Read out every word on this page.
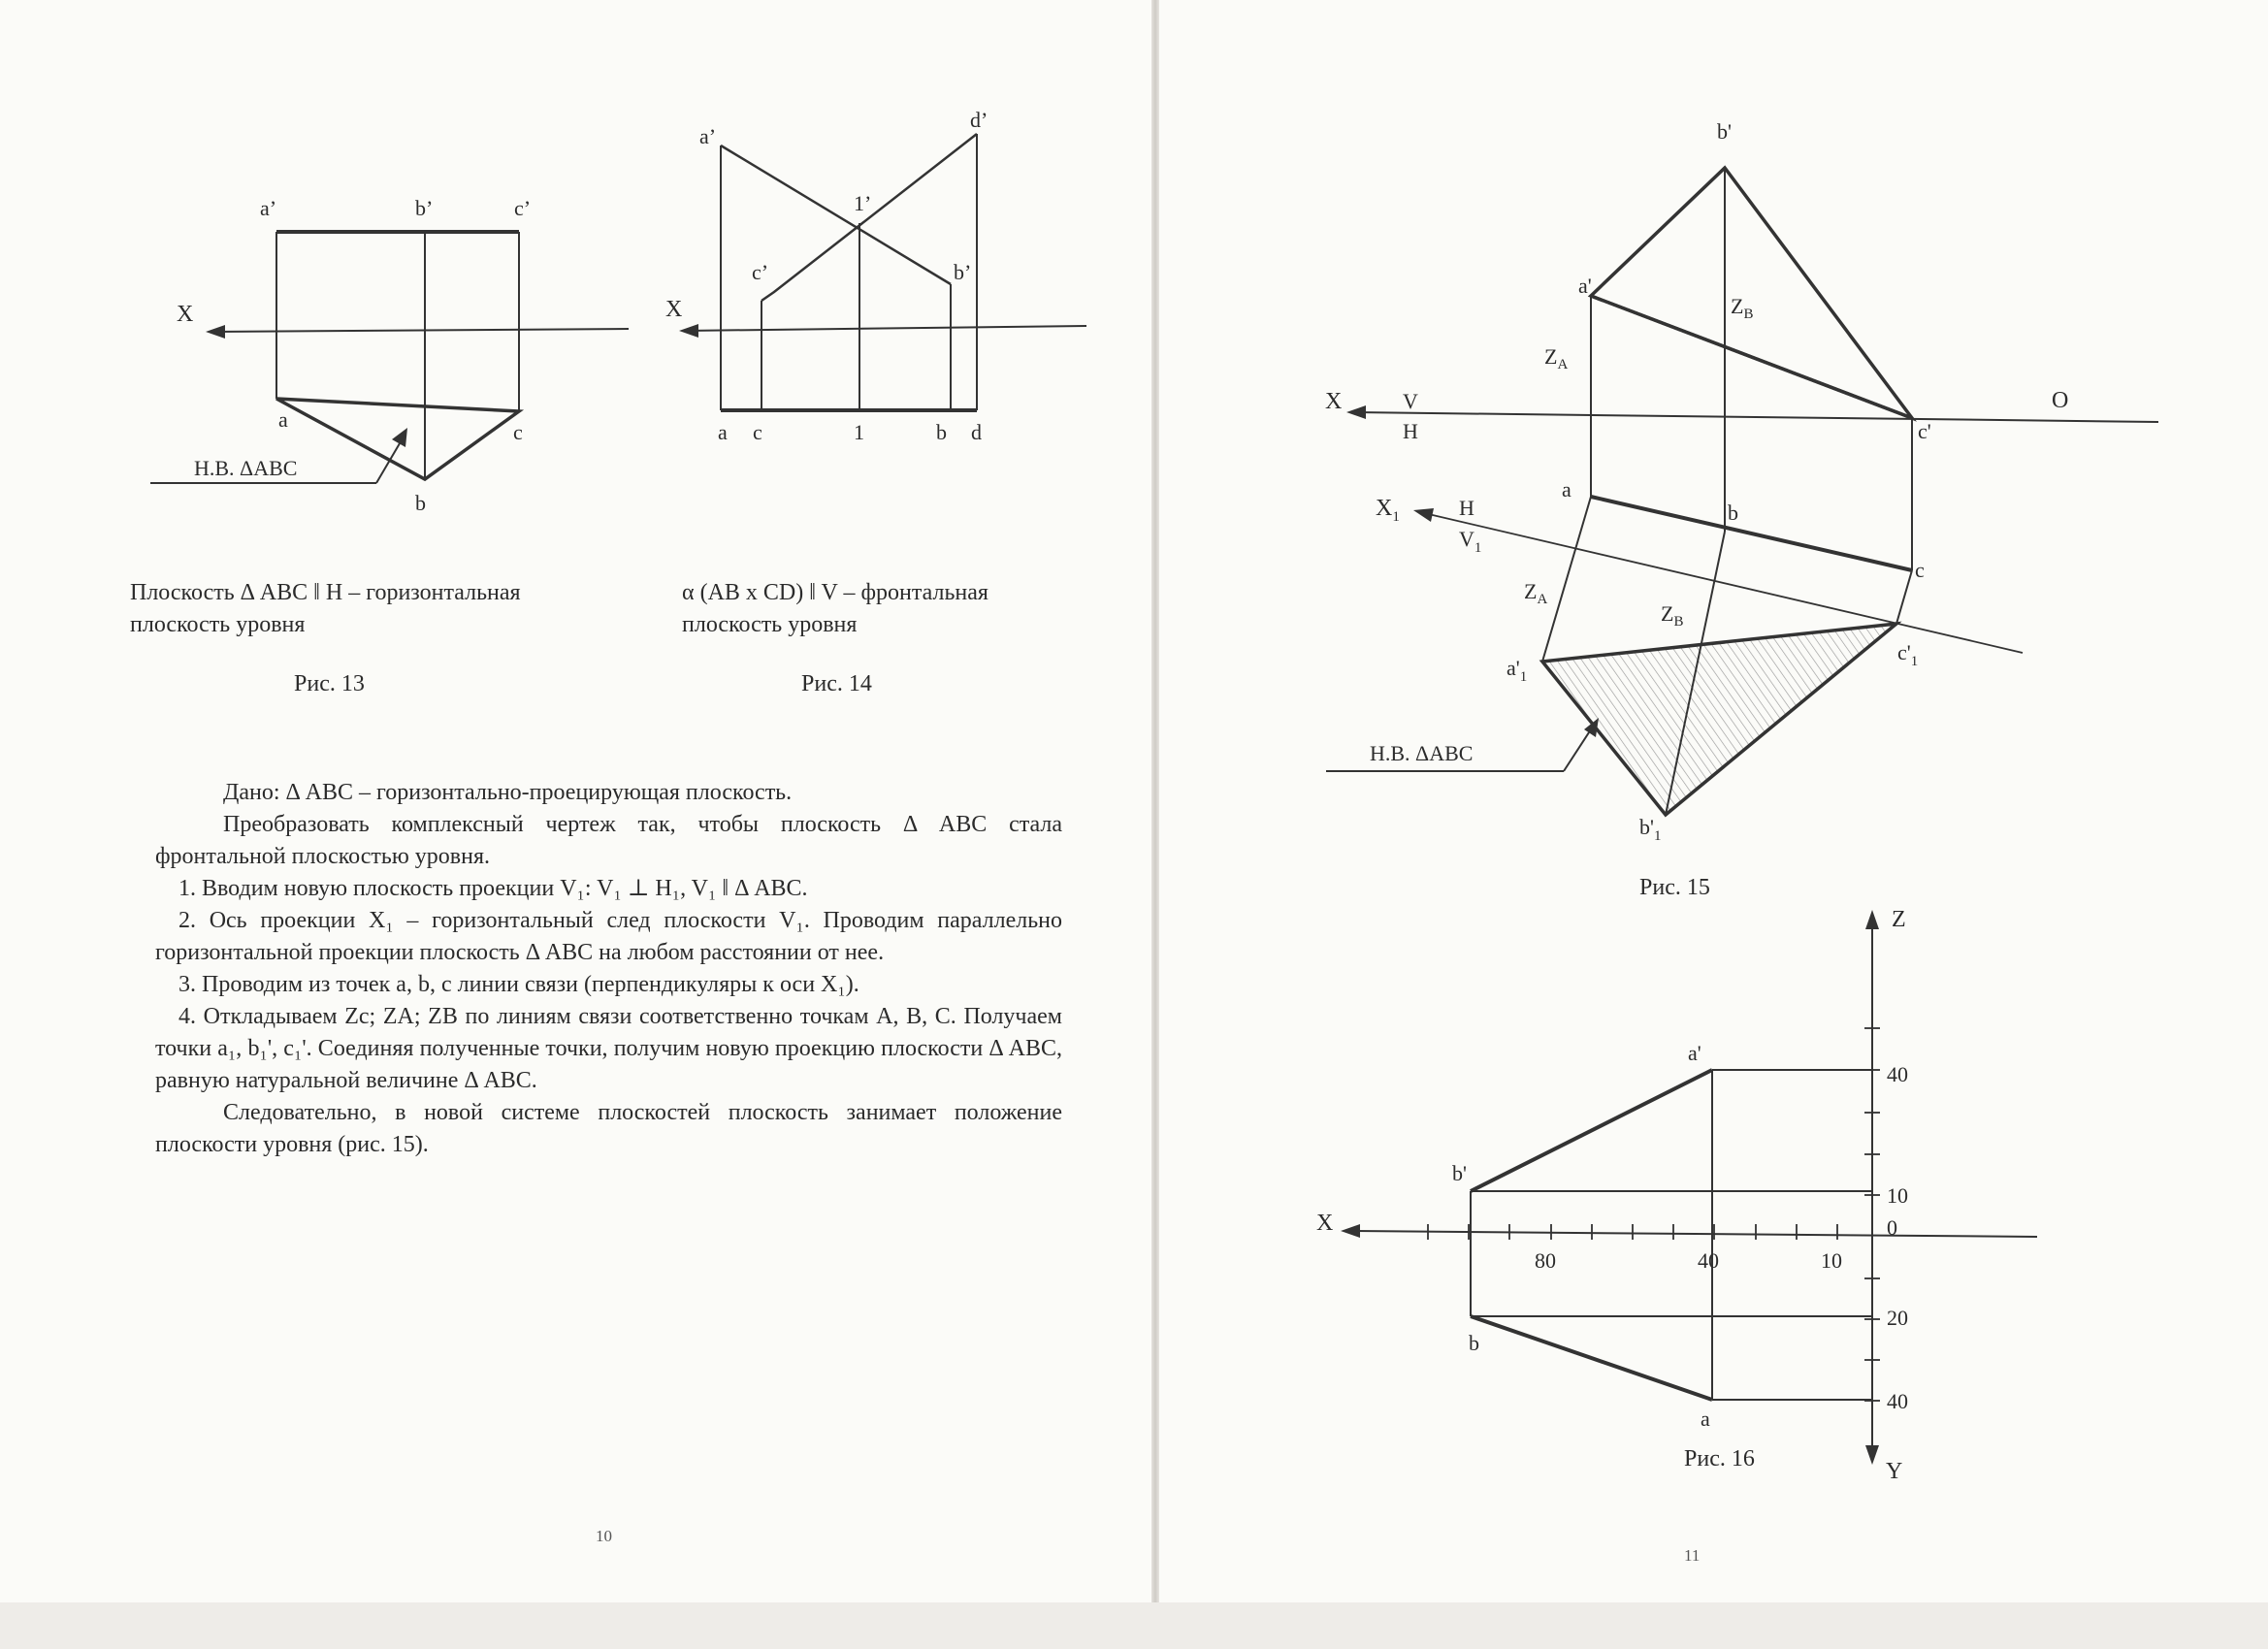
a’	b’	c’
X
a
c
b
Н.В. ΔАВС
a’
d’
1’
c’	b’
X
a c	1	b d
b'
a'
c'
a
b
c
$a'_1$
$b'_1$
$c'_1$
X	V
H
O
$X_1$	H
$V_1$
$Z_A$
$Z_B$
$Z_A$
$Z_B$
Н.В. ΔАВС
Z
Y
X
40
10
0
20
40
80	40	10
a'
b'
b
a
Плоскость Δ ABC ǁ H – горизонтальная
плоскость уровня
Рис. 13
α (AB x CD) ǁ V – фронтальная
плоскость уровня
Рис. 14

Дано: Δ ABC – горизонтально-проецирующая плоскость.

Преобразовать комплексный чертеж так, чтобы плоскость Δ ABC стала фронтальной плоскостью уровня.

1. Вводим новую плоскость проекции V₁: V₁ ⊥ H₁, V₁ ǁ Δ ABC.

2. Ось проекции X₁ – горизонтальный след плоскости V₁. Проводим параллельно горизонтальной проекции плоскость Δ ABC на любом расстоянии от нее.

3. Проводим из точек a, b, c линии связи (перпендикуляры к оси X₁).

4. Откладываем Zc; ZA; ZB по линиям связи соответственно точкам A, B, C. Получаем точки a₁, b₁', c₁'. Соединяя полученные точки, получим новую проекцию плоскости Δ ABC, равную натуральной величине Δ ABC.

Следовательно, в новой системе плоскостей плоскость занимает положение плоскости уровня (рис. 15).

10
Рис. 15
Рис. 16
11
